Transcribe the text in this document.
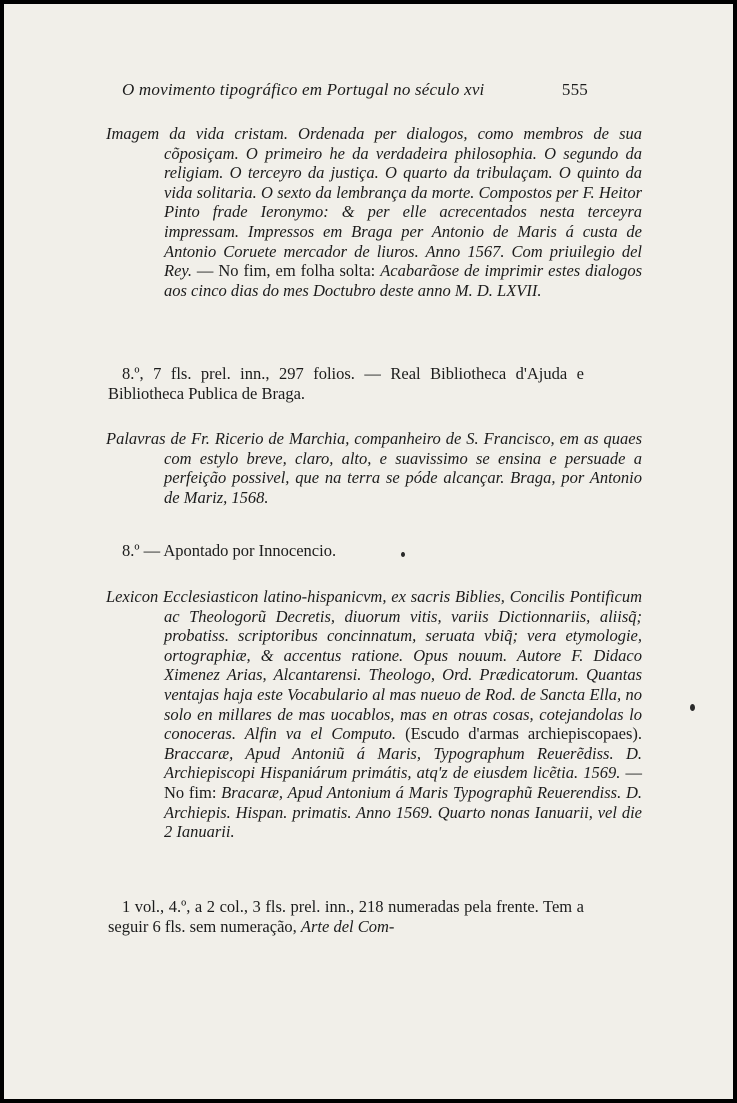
O movimento tipográfico em Portugal no século xvi	555
Imagem da vida cristam. Ordenada per dialogos, como membros de sua cõposiçam. O primeiro he da verdadeira philosophia. O segundo da religiam. O terceyro da justiça. O quarto da tribulaçam. O quinto da vida solitaria. O sexto da lembrança da morte. Compostos per F. Heitor Pinto frade Ieronymo: & per elle acrecentados nesta terceyra impressam. Impressos em Braga per Antonio de Maris á custa de Antonio Coruete mercador de liuros. Anno 1567. Com priuilegio del Rey. — No fim, em folha solta: Acabarãose de imprimir estes dialogos aos cinco dias do mes Doctubro deste anno M. D. LXVII.
8.º, 7 fls. prel. inn., 297 folios. — Real Bibliotheca d'Ajuda e Bibliotheca Publica de Braga.
Palavras de Fr. Ricerio de Marchia, companheiro de S. Francisco, em as quaes com estylo breve, claro, alto, e suavissimo se ensina e persuade a perfeição possivel, que na terra se póde alcançar. Braga, por Antonio de Mariz, 1568.
8.º — Apontado por Innocencio.
Lexicon Ecclesiasticon latino-hispanicvm, ex sacris Biblies, Concilis Pontificum ac Theologorũ Decretis, diuorum vitis, variis Dictionnariis, aliisq̃; probatiss. scriptoribus concinnatum, seruata vbiq̃; vera etymologie, ortographiæ, & accentus ratione. Opus nouum. Autore F. Didaco Ximenez Arias, Alcantarensi. Theologo, Ord. Prædicatorum. Quantas ventajas haja este Vocabulario al mas nueuo de Rod. de Sancta Ella, no solo en millares de mas uocablos, mas en otras cosas, cotejandolas lo conoceras. Alfin va el Computo. (Escudo d'armas archiepiscopaes). Braccaræ, Apud Antoniũ á Maris, Typographum Reuerẽdiss. D. Archiepiscopi Hispaniárum primátis, atq'z de eiusdem licẽtia. 1569. — No fim: Bracaræ, Apud Antonium á Maris Typographũ Reuerendiss. D. Archiepis. Hispan. primatis. Anno 1569. Quarto nonas Ianuarii, vel die 2 Ianuarii.
1 vol., 4.º, a 2 col., 3 fls. prel. inn., 218 numeradas pela frente. Tem a seguir 6 fls. sem numeração, Arte del Com-
